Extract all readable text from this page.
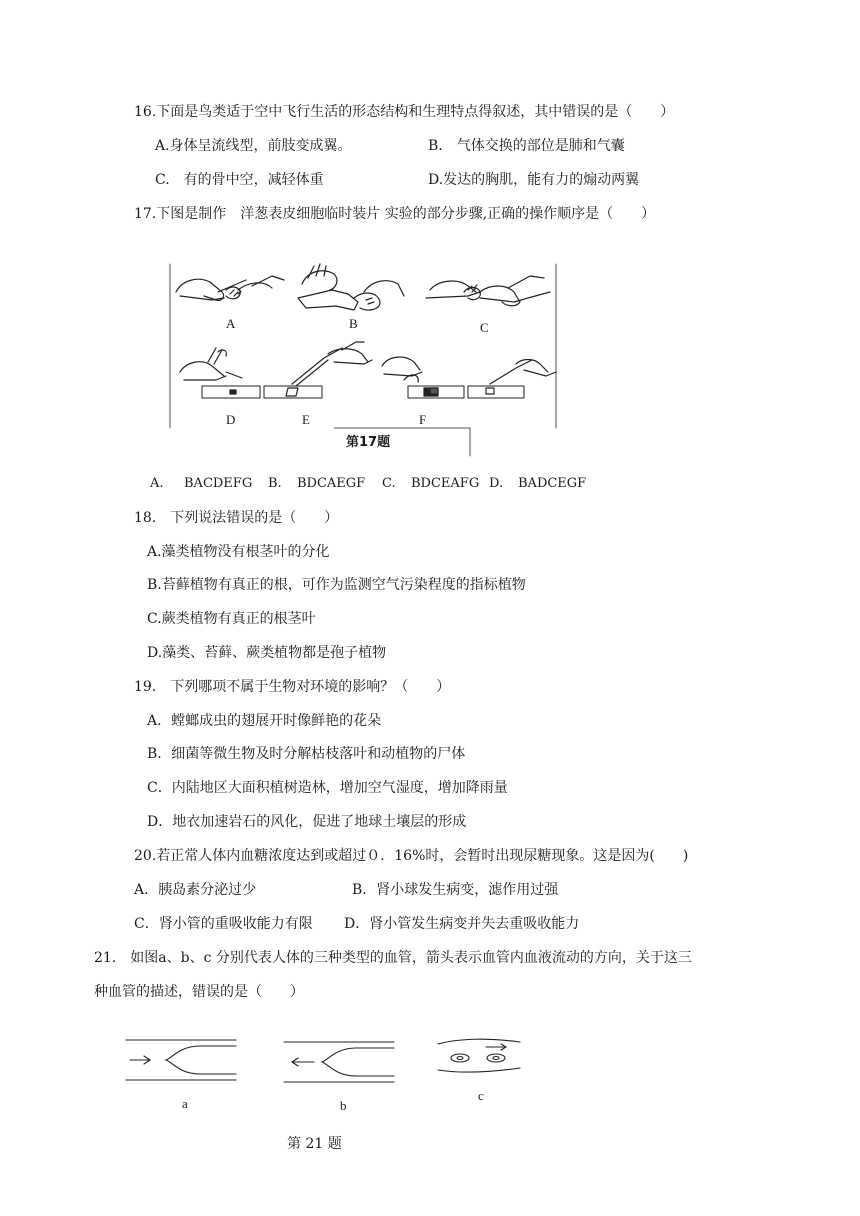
16.下面是鸟类适于空中飞行生活的形态结构和生理特点得叙述，其中错误的是（　　）
A.身体呈流线型，前肢变成翼。	B.　气体交换的部位是肺和气囊
C.　有的骨中空，减轻体重	D.发达的胸肌，能有力的煽动两翼
17.下图是制作　洋葱表皮细胞临时装片 实验的部分步骤,正确的操作顺序是（　　）
A	B	C
D	E	F
第17题
A. BACDEFG B. BDCAEGF C. BDCEAFG D. BADCEGF
18.　下列说法错误的是（　　）
A.藻类植物没有根茎叶的分化
B.苔藓植物有真正的根，可作为监测空气污染程度的指标植物
C.蕨类植物有真正的根茎叶
D.藻类、苔藓、蕨类植物都是孢子植物
19.　下列哪项不属于生物对环境的影响？（　　）
A．螳螂成虫的翅展开时像鲜艳的花朵
B．细菌等微生物及时分解枯枝落叶和动植物的尸体
C．内陆地区大面积植树造林，增加空气湿度，增加降雨量
D．地衣加速岩石的风化，促进了地球土壤层的形成
20.若正常人体内血糖浓度达到或超过０．16%时，会暂时出现尿糖现象。这是因为(　　)
A．胰岛素分泌过少	B．肾小球发生病变，滤作用过强
C．肾小管的重吸收能力有限 D．肾小管发生病变并失去重吸收能力
21.　如图a、b、c 分别代表人体的三种类型的血管，箭头表示血管内血液流动的方向，关于这三
种血管的描述，错误的是（　　）
a	b
c
第 21 题
